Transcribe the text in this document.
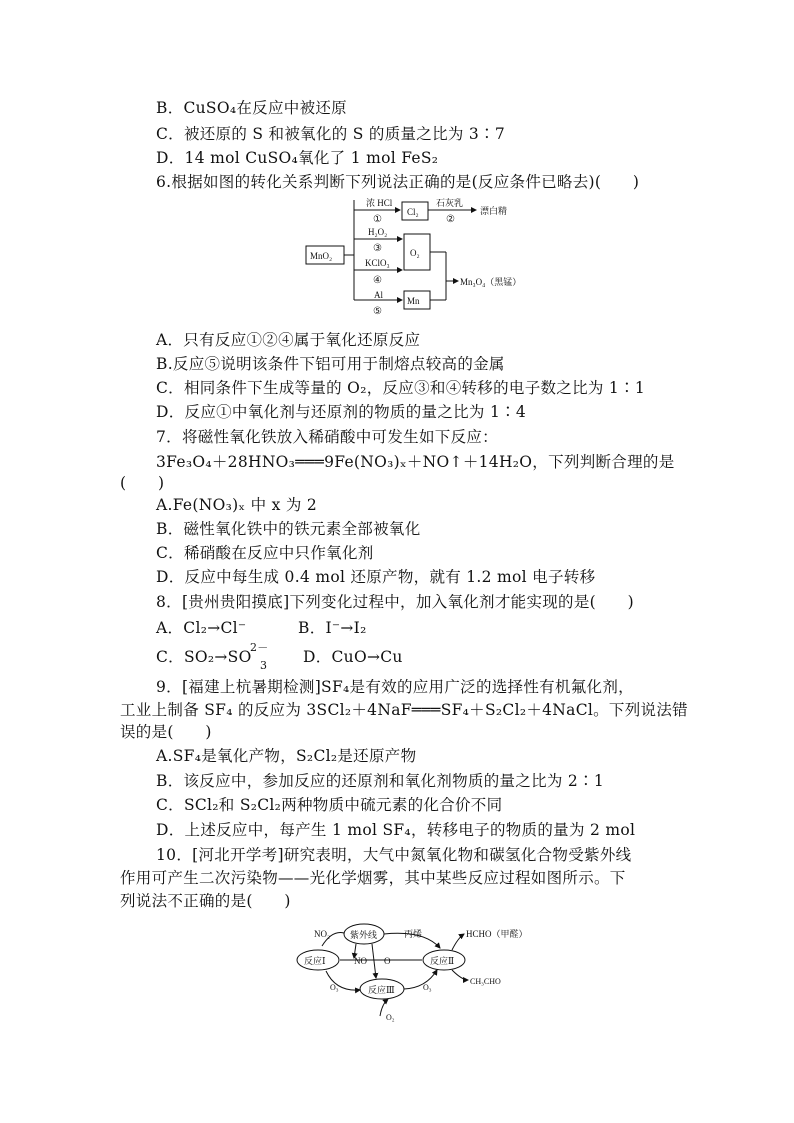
B．CuSO₄在反应中被还原
C．被还原的 S 和被氧化的 S 的质量之比为 3∶7
D．14 mol CuSO₄氧化了 1 mol FeS₂
6.根据如图的转化关系判断下列说法正确的是(反应条件已略去)(　　)
MnO₂
浓 HCl
①
Cl₂
石灰乳
②
漂白精
H₂O₂
③
KClO₃
④
O₂
Al
⑤
Mn
Mn₃O₄（黑锰）
A．只有反应①②④属于氧化还原反应
B.反应⑤说明该条件下铝可用于制熔点较高的金属
C．相同条件下生成等量的 O₂，反应③和④转移的电子数之比为 1∶1
D．反应①中氧化剂与还原剂的物质的量之比为 1∶4
7．将磁性氧化铁放入稀硝酸中可发生如下反应：
3Fe₃O₄＋28HNO₃═══9Fe(NO₃)ₓ＋NO↑＋14H₂O，下列判断合理的是
(　　)
A.Fe(NO₃)ₓ 中 x 为 2
B．磁性氧化铁中的铁元素全部被氧化
C．稀硝酸在反应中只作氧化剂
D．反应中每生成 0.4 mol 还原产物，就有 1.2 mol 电子转移
8．[贵州贵阳摸底]下列变化过程中，加入氧化剂才能实现的是(　　)
A．Cl₂→Cl⁻	B．I⁻→I₂
C．SO₂→SO
2－
3 D．CuO→Cu
9．[福建上杭暑期检测]SF₄是有效的应用广泛的选择性有机氟化剂，
工业上制备 SF₄ 的反应为 3SCl₂＋4NaF═══SF₄＋S₂Cl₂＋4NaCl。下列说法错
误的是(　　)
A.SF₄是氧化产物，S₂Cl₂是还原产物
B．该反应中，参加反应的还原剂和氧化剂物质的量之比为 2∶1
C．SCl₂和 S₂Cl₂两种物质中硫元素的化合价不同
D．上述反应中，每产生 1 mol SF₄，转移电子的物质的量为 2 mol
10．[河北开学考]研究表明，大气中氮氧化物和碳氢化合物受紫外线
作用可产生二次污染物——光化学烟雾，其中某些反应过程如图所示。下
列说法不正确的是(　　)
NO₂ 紫外线	丙烯	HCHO（甲醛）
反应Ⅰ	NO O	反应Ⅱ
O₃	反应Ⅲ	O₃
CH₃CHO
O₂
